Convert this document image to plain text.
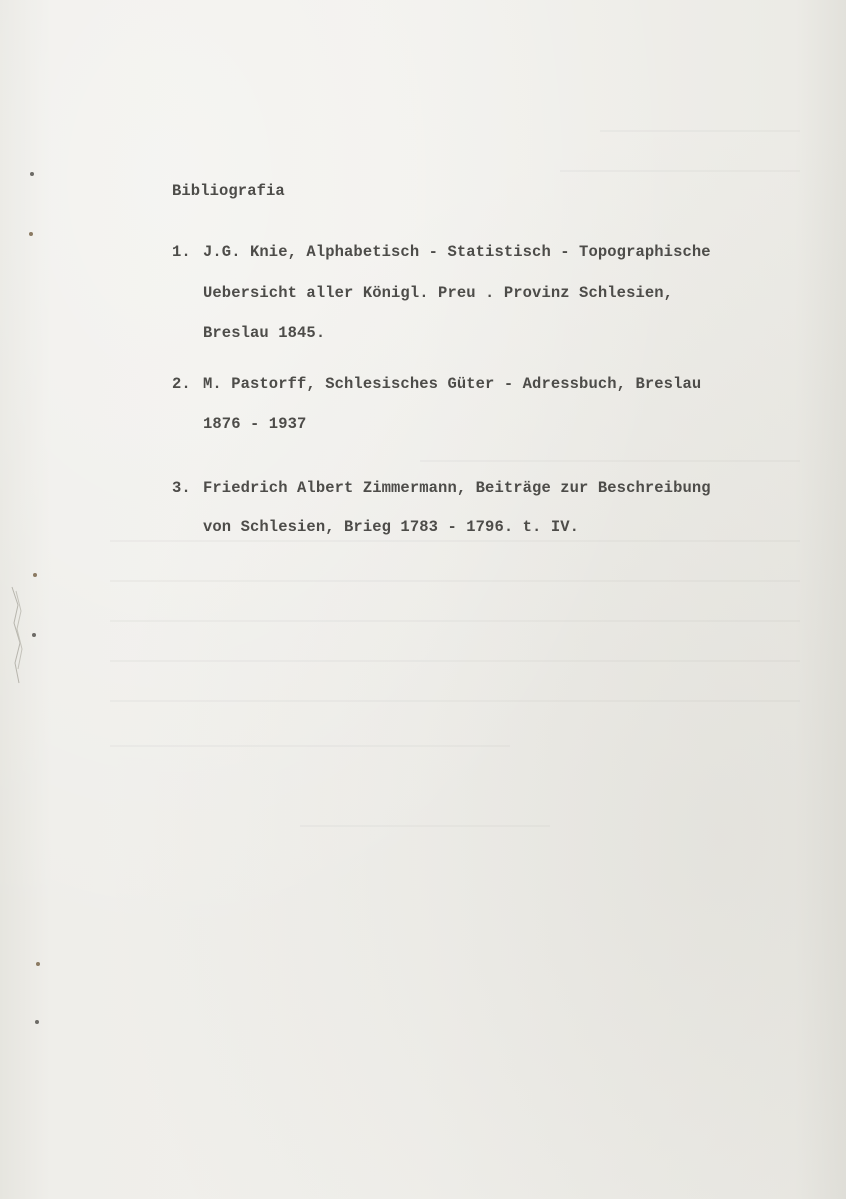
Bibliografia
1. J.G. Knie, Alphabetisch - Statistisch - Topographische
Uebersicht aller Königl. Preu . Provinz Schlesien,
Breslau 1845.
2. M. Pastorff, Schlesisches Güter - Adressbuch, Breslau
1876 - 1937
3. Friedrich Albert Zimmermann, Beiträge zur Beschreibung
von Schlesien, Brieg 1783 - 1796. t. IV.
